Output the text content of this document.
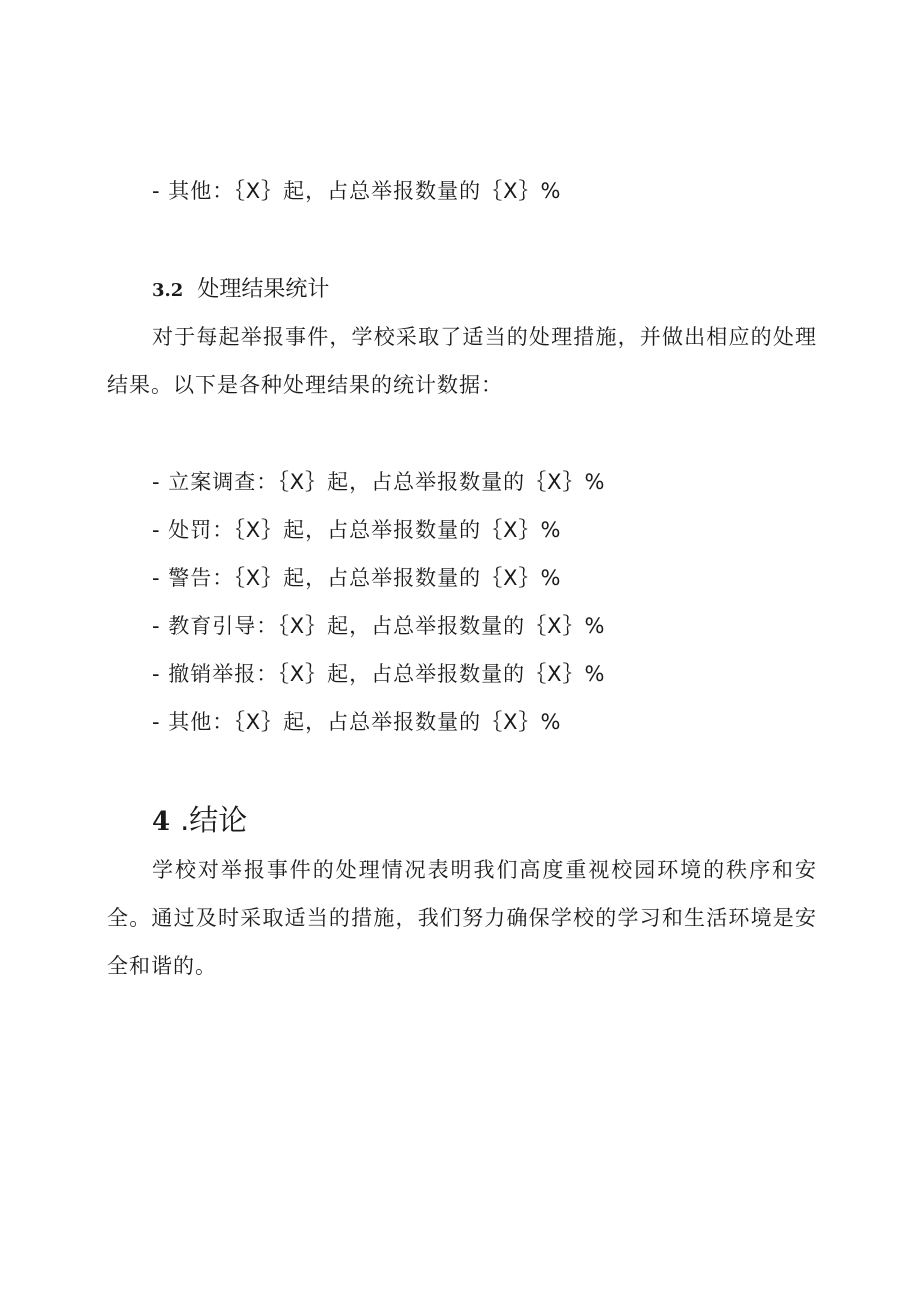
- 其他：｛X｝起，占总举报数量的｛X｝%
3.2 处理结果统计
对于每起举报事件，学校采取了适当的处理措施，并做出相应的处理结果。以下是各种处理结果的统计数据：
- 立案调查：｛X｝起，占总举报数量的｛X｝%
- 处罚：｛X｝起，占总举报数量的｛X｝%
- 警告：｛X｝起，占总举报数量的｛X｝%
- 教育引导：｛X｝起，占总举报数量的｛X｝%
- 撤销举报：｛X｝起，占总举报数量的｛X｝%
- 其他：｛X｝起，占总举报数量的｛X｝%
4 .结论
学校对举报事件的处理情况表明我们高度重视校园环境的秩序和安全。通过及时采取适当的措施，我们努力确保学校的学习和生活环境是安全和谐的。
